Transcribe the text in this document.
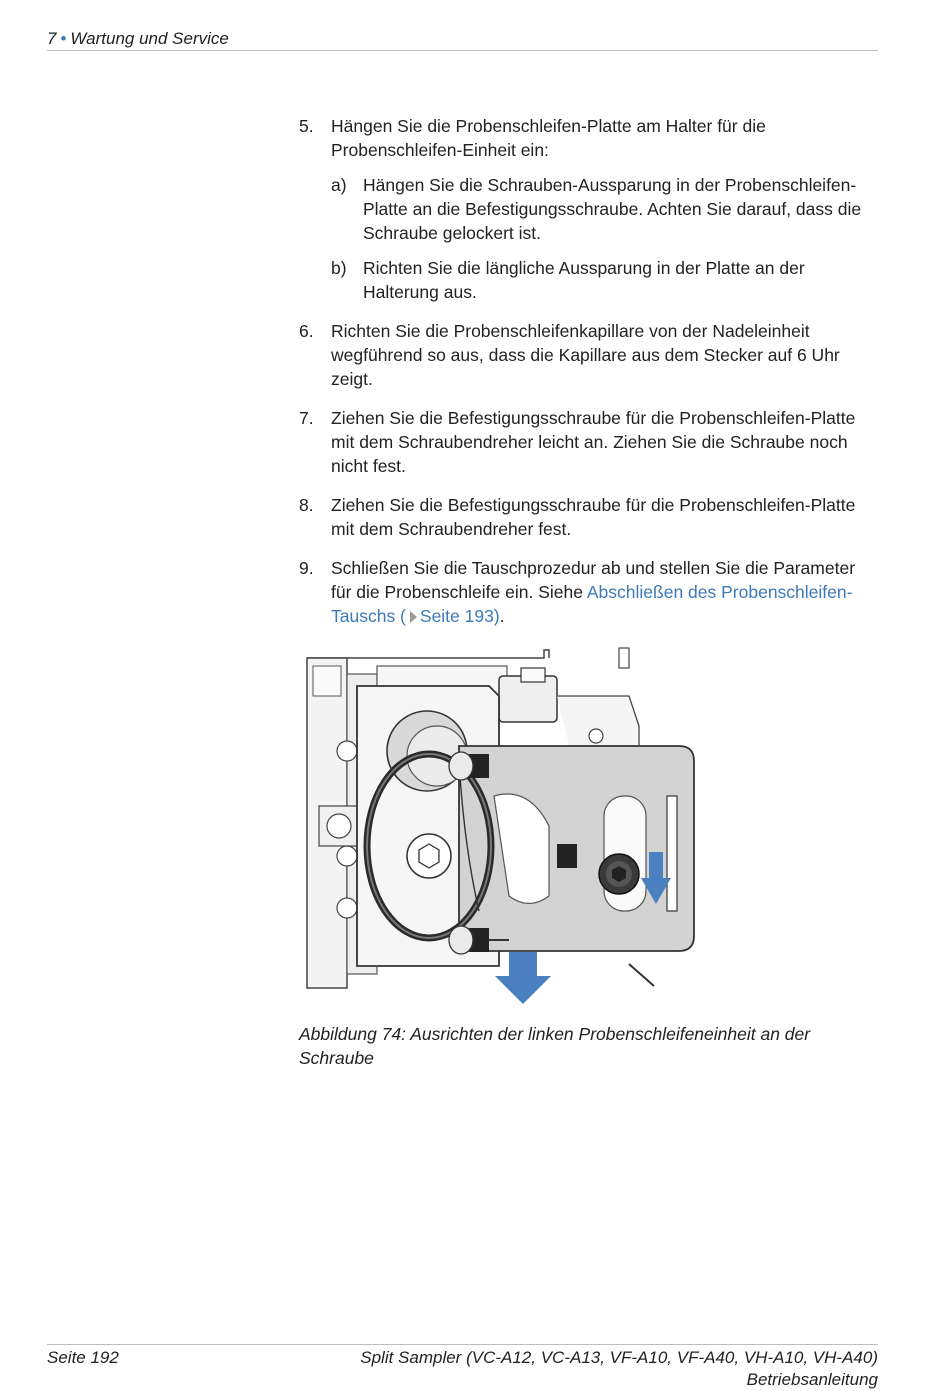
7 • Wartung und Service
5. Hängen Sie die Probenschleifen-Platte am Halter für die Probenschleifen-Einheit ein:
a) Hängen Sie die Schrauben-Aussparung in der Probenschleifen-Platte an die Befestigungsschraube. Achten Sie darauf, dass die Schraube gelockert ist.
b) Richten Sie die längliche Aussparung in der Platte an der Halterung aus.
6. Richten Sie die Probenschleifenkapillare von der Nadeleinheit wegführend so aus, dass die Kapillare aus dem Stecker auf 6 Uhr zeigt.
7. Ziehen Sie die Befestigungsschraube für die Probenschleifen-Platte mit dem Schraubendreher leicht an. Ziehen Sie die Schraube noch nicht fest.
8. Ziehen Sie die Befestigungsschraube für die Probenschleifen-Platte mit dem Schraubendreher fest.
9. Schließen Sie die Tauschprozedur ab und stellen Sie die Parameter für die Probenschleife ein. Siehe Abschließen des Probenschleifen-Tauschs ( Seite 193).
Abbildung 74: Ausrichten der linken Probenschleifeneinheit an der Schraube
Seite 192	Split Sampler (VC-A12, VC-A13, VF-A10, VF-A40, VH-A10, VH-A40)
Betriebsanleitung
